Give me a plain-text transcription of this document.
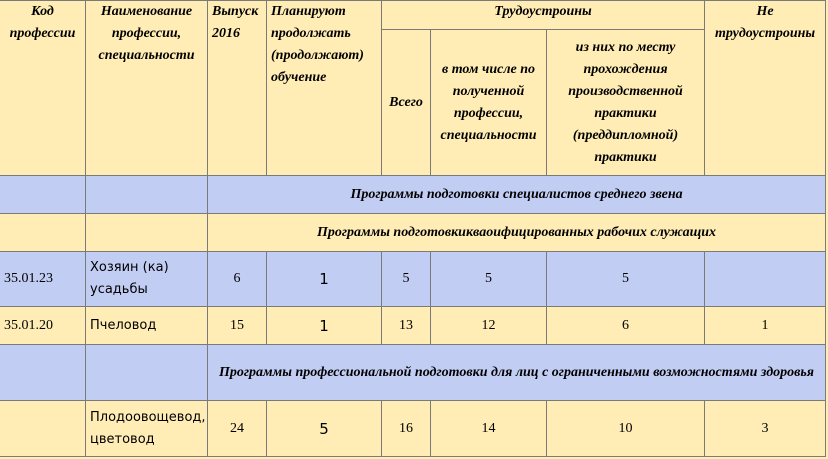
Код профессии	Наименование профессии, специальности	Выпуск 2016	Планируют продолжать (продолжают) обучение	Трудоустроины			Не трудоустроины
				Всего	в том числе по полученной профессии, специальности	из них по месту прохождения производственной практики (преддипломной) практики	
		Программы подготовки специалистов среднего звена					
		Программы подготовкикваоифицированных рабочих служащих					
35.01.23	Хозяин (ка) усадьбы	6	1	5	5	5	
35.01.20	Пчеловод	15	1	13	12	6	1
		Программы профессиональной подготовки для лиц с ограниченными возможностями здоровья					
	Плодоовощевод, цветовод	24	5	16	14	10	3
